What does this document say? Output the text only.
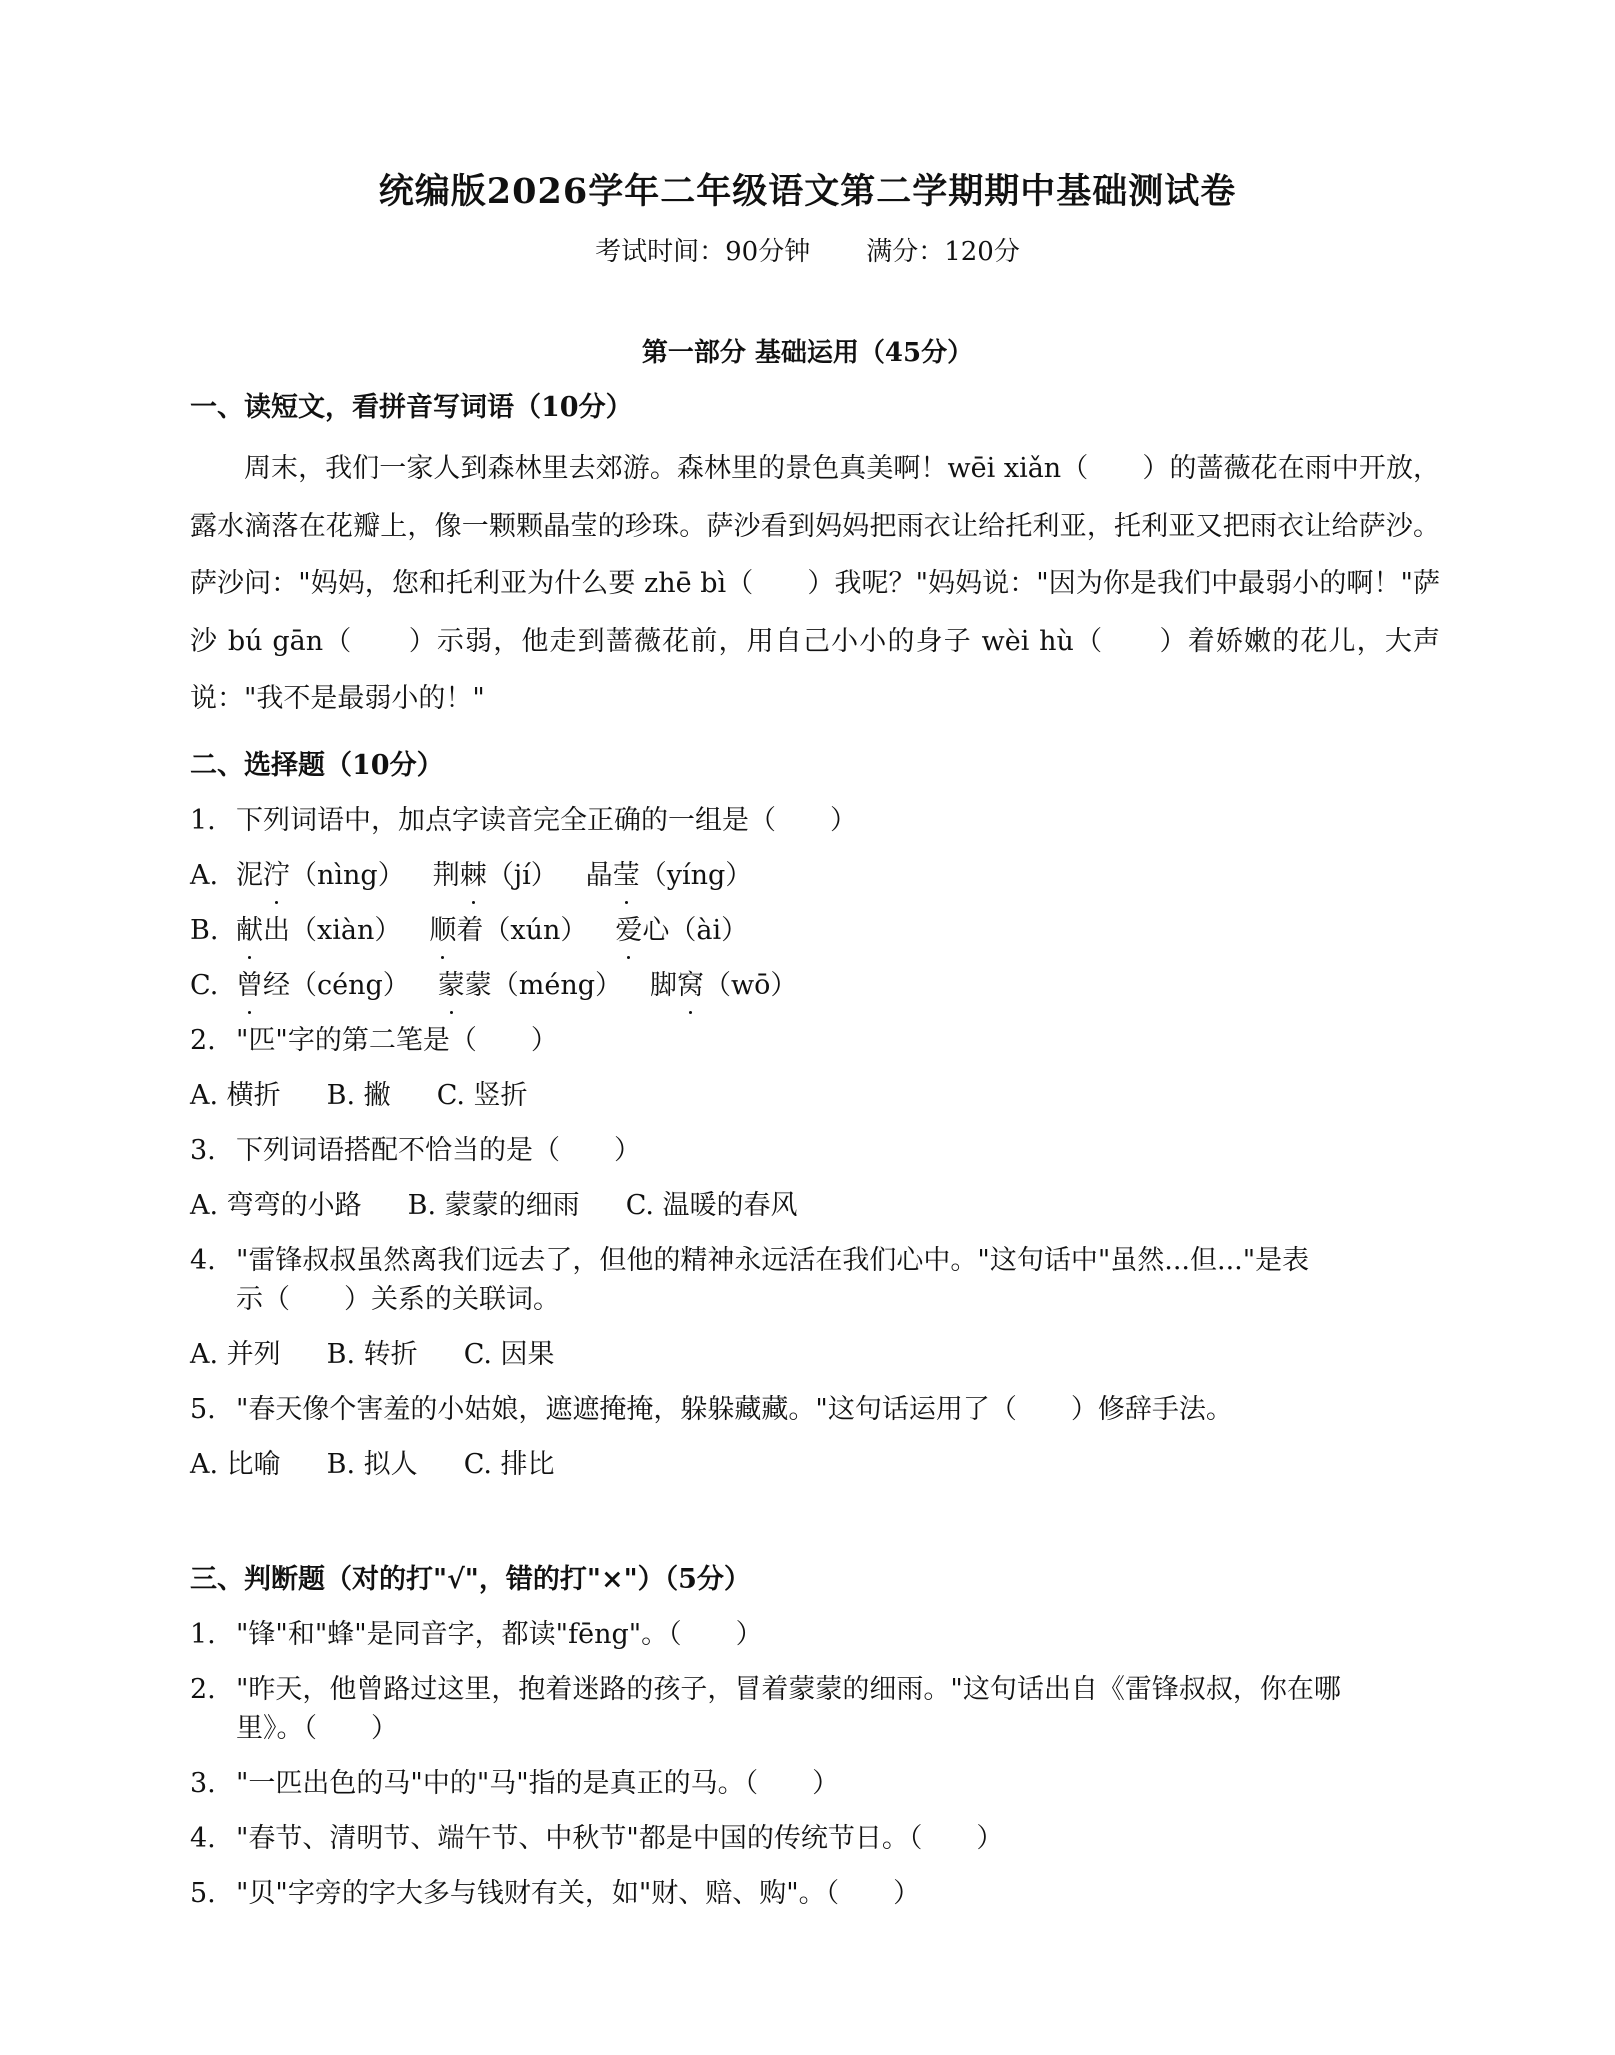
统编版2026学年二年级语文第二学期期中基础测试卷
考试时间：90分钟 满分：120分
第一部分 基础运用（45分）
一、读短文，看拼音写词语（10分）

周末，我们一家人到森林里去郊游。森林里的景色真美啊！wēi xiǎn（　　）的蔷薇花在雨中开放，露水滴落在花瓣上，像一颗颗晶莹的珍珠。萨沙看到妈妈把雨衣让给托利亚，托利亚又把雨衣让给萨沙。萨沙问："妈妈，您和托利亚为什么要 zhē bì（　　）我呢？"妈妈说："因为你是我们中最弱小的啊！"萨沙 bú gān（　　）示弱，他走到蔷薇花前，用自己小小的身子 wèi hù（　　）着娇嫩的花儿，大声说："我不是最弱小的！"

二、选择题（10分）
1. 下列词语中，加点字读音完全正确的一组是（　　）
A. 泥泞（nìng） 荆棘（jí） 晶莹（yíng）
B. 献出（xiàn） 顺着（xún） 爱心（ài）
C. 曾经（céng） 蒙蒙（méng） 脚窝（wō）
2. "匹"字的第二笔是（　　）
A. 横折 B. 撇 C. 竖折
3. 下列词语搭配不恰当的是（　　）
A. 弯弯的小路 B. 蒙蒙的细雨 C. 温暖的春风
4. "雷锋叔叔虽然离我们远去了，但他的精神永远活在我们心中。"这句话中"虽然...但..."是表
示（　　）关系的关联词。
A. 并列 B. 转折 C. 因果
5. "春天像个害羞的小姑娘，遮遮掩掩，躲躲藏藏。"这句话运用了（　　）修辞手法。
A. 比喻 B. 拟人 C. 排比
三、判断题（对的打"√"，错的打"×"）（5分）
1. "锋"和"蜂"是同音字，都读"fēng"。（　　）
2. "昨天，他曾路过这里，抱着迷路的孩子，冒着蒙蒙的细雨。"这句话出自《雷锋叔叔，你在哪
里》。（　　）
3. "一匹出色的马"中的"马"指的是真正的马。（　　）
4. "春节、清明节、端午节、中秋节"都是中国的传统节日。（　　）
5. "贝"字旁的字大多与钱财有关，如"财、赔、购"。（　　）
